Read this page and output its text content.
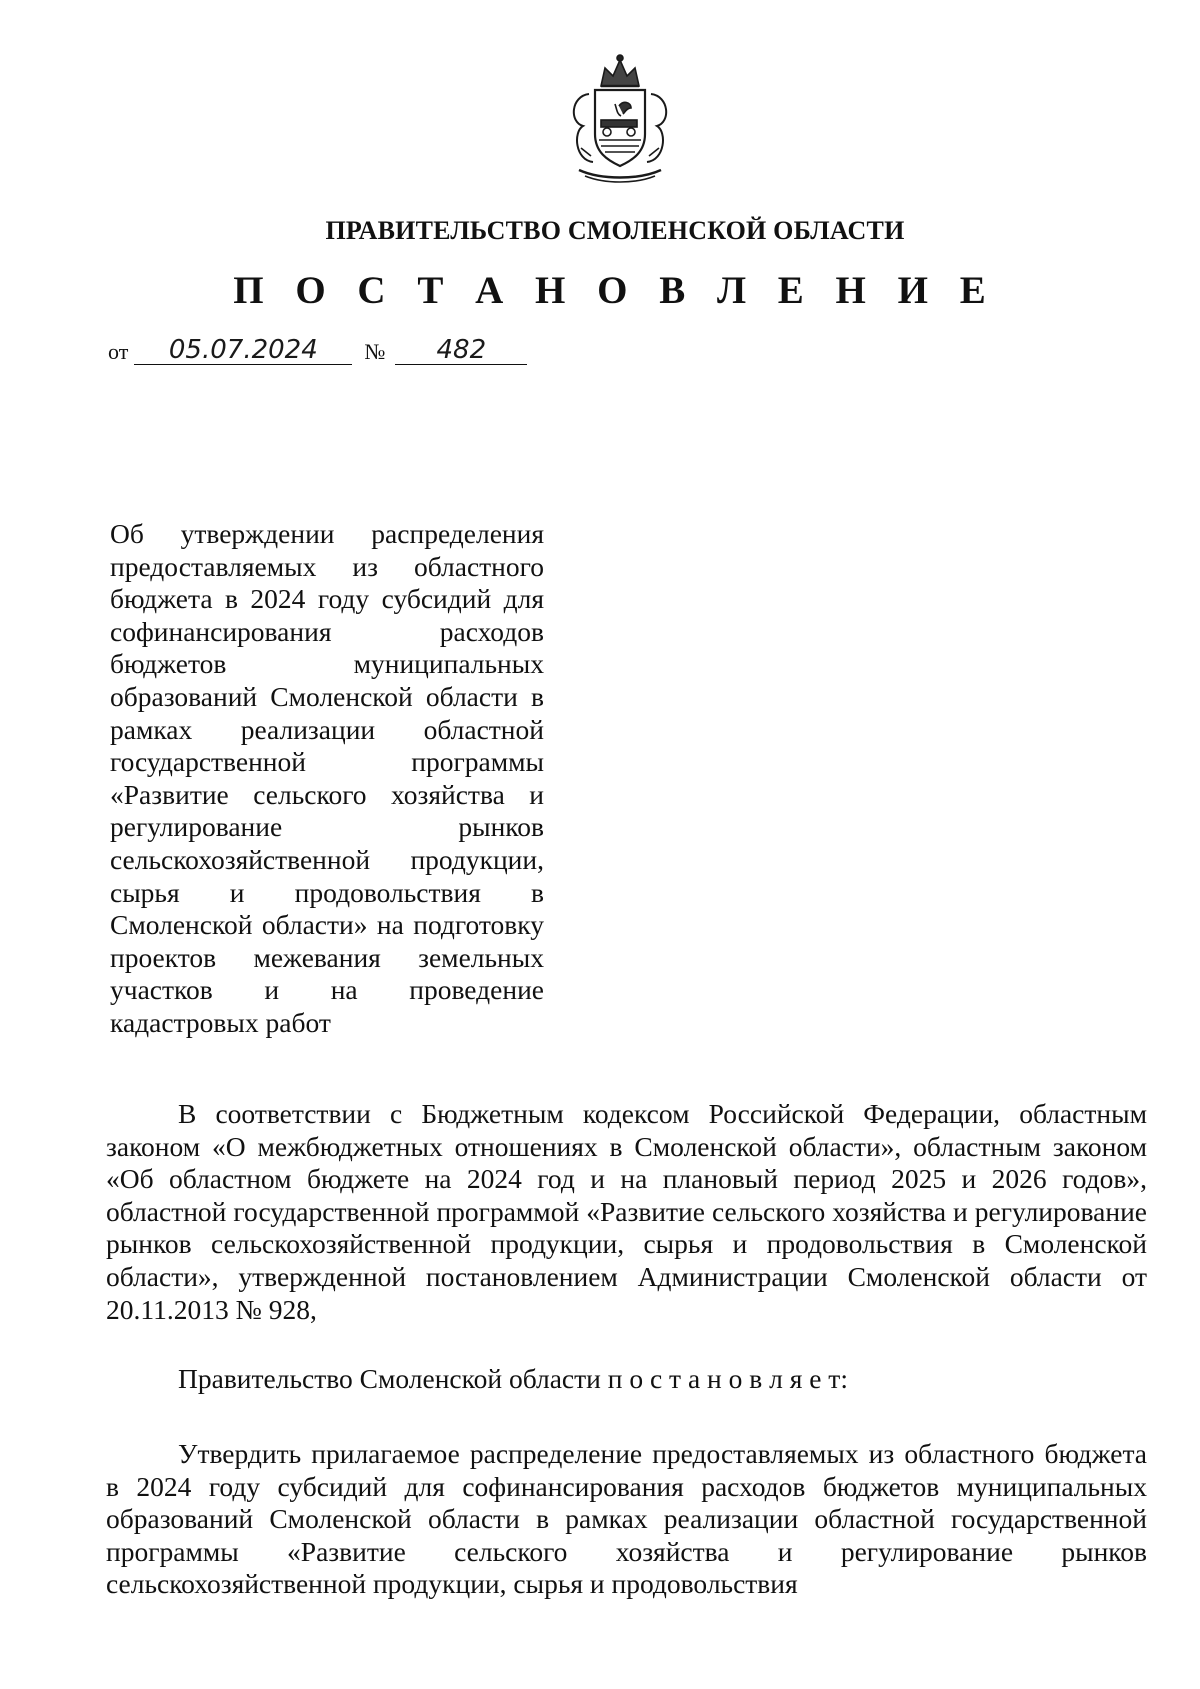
ПРАВИТЕЛЬСТВО СМОЛЕНСКОЙ ОБЛАСТИ
П О С Т А Н О В Л Е Н И Е
от	05.07.2024	№	482

Об утверждении распределения предоставляемых из областного бюджета в 2024 году субсидий для софинансирования расходов бюджетов муниципальных образований Смоленской области в рамках реализации областной государственной программы «Развитие сельского хозяйства и регулирование рынков сельскохозяйственной продукции, сырья и продовольствия в Смоленской области» на подготовку проектов межевания земельных участков и на проведение кадастровых работ

В соответствии с Бюджетным кодексом Российской Федерации, областным законом «О межбюджетных отношениях в Смоленской области», областным законом «Об областном бюджете на 2024 год и на плановый период 2025 и 2026 годов», областной государственной программой «Развитие сельского хозяйства и регулирование рынков сельскохозяйственной продукции, сырья и продовольствия в Смоленской области», утвержденной постановлением Администрации Смоленской области от 20.11.2013 № 928,

Правительство Смоленской области п о с т а н о в л я е т:

Утвердить прилагаемое распределение предоставляемых из областного бюджета в 2024 году субсидий для софинансирования расходов бюджетов муниципальных образований Смоленской области в рамках реализации областной государственной программы «Развитие сельского хозяйства и регулирование рынков сельскохозяйственной продукции, сырья и продовольствия
